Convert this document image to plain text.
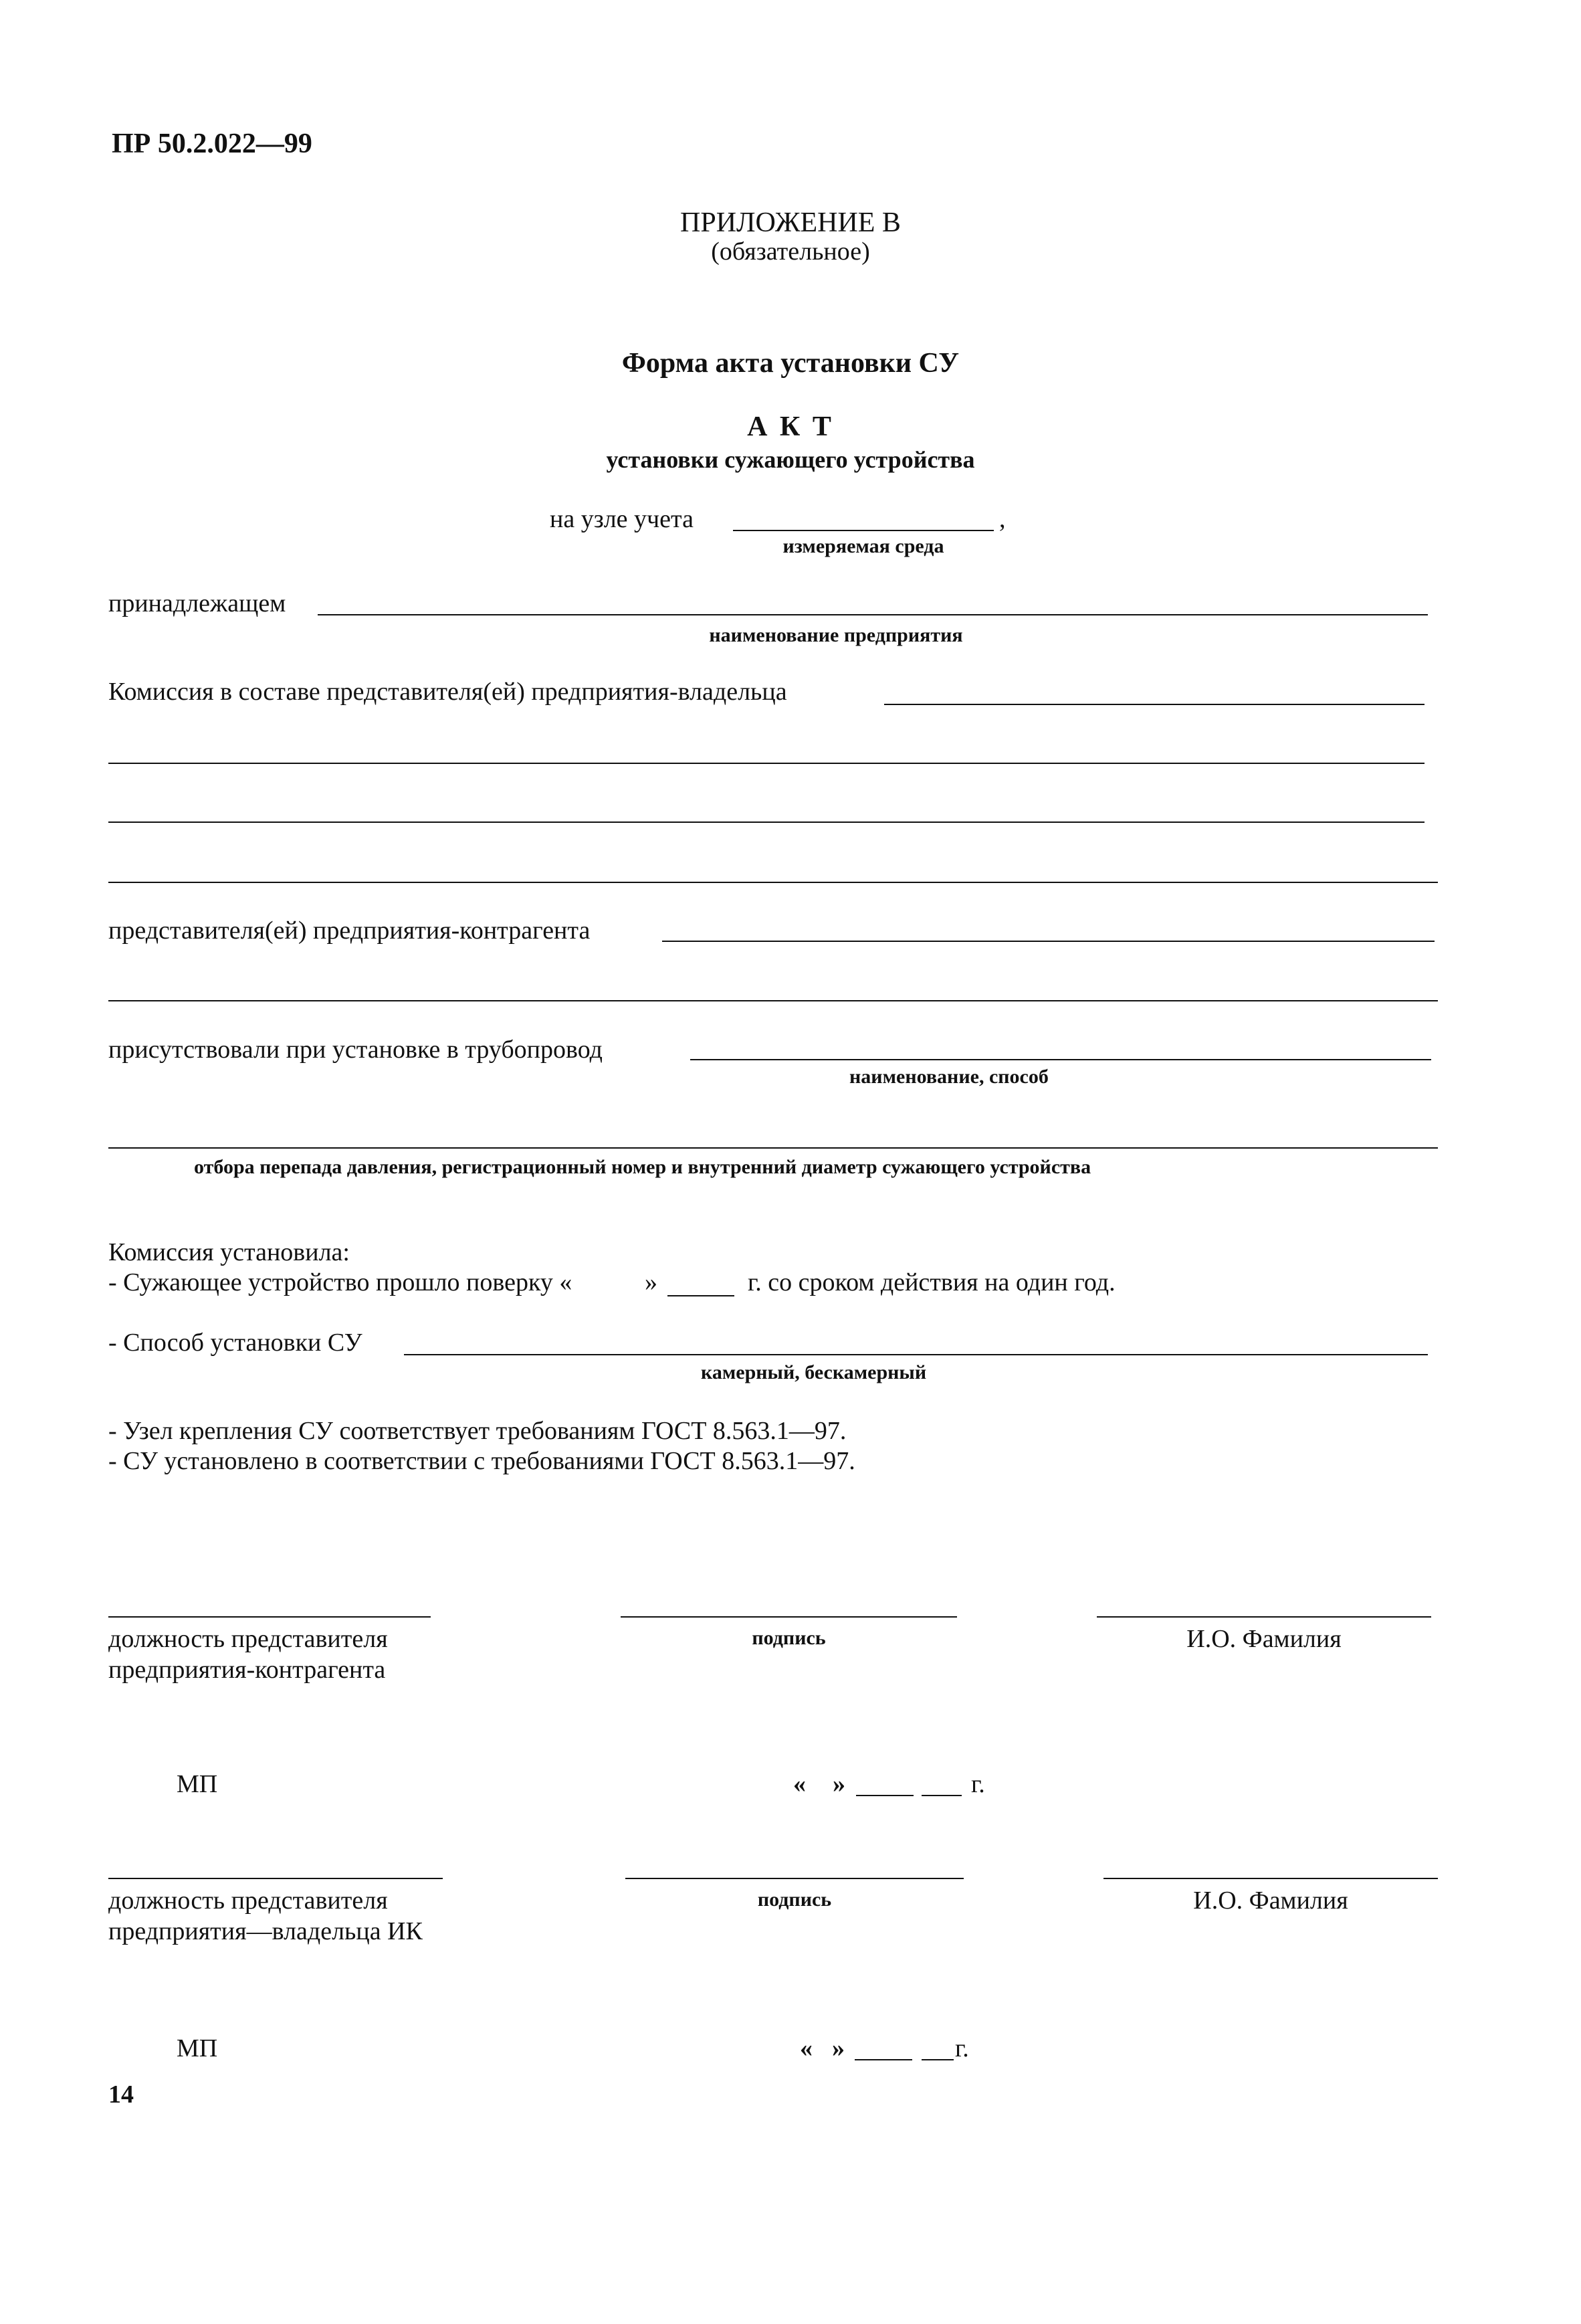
ПР 50.2.022—99
ПРИЛОЖЕНИЕ В
(обязательное)
Форма акта установки СУ
А К Т
установки сужающего устройства
на узле учета	,
измеряемая среда
принадлежащем
наименование предприятия
Комиссия в составе представителя(ей) предприятия-владельца
представителя(ей) предприятия-контрагента
присутствовали при установке в трубопровод
наименование, способ
отбора перепада давления, регистрационный номер и внутренний диаметр сужающего устройства
Комиссия установила:
- Сужающее устройство прошло поверку «	»	г. со сроком действия на один год.
- Способ установки СУ
камерный, бескамерный
- Узел крепления СУ соответствует требованиям ГОСТ 8.563.1—97.
- СУ установлено в соответствии с требованиями ГОСТ 8.563.1—97.
должность представителя
предприятия-контрагента
подпись	И.О. Фамилия
МП	« »	г.
должность представителя
предприятия—владельца ИК
подпись	И.О. Фамилия
МП	« »	г.
14
